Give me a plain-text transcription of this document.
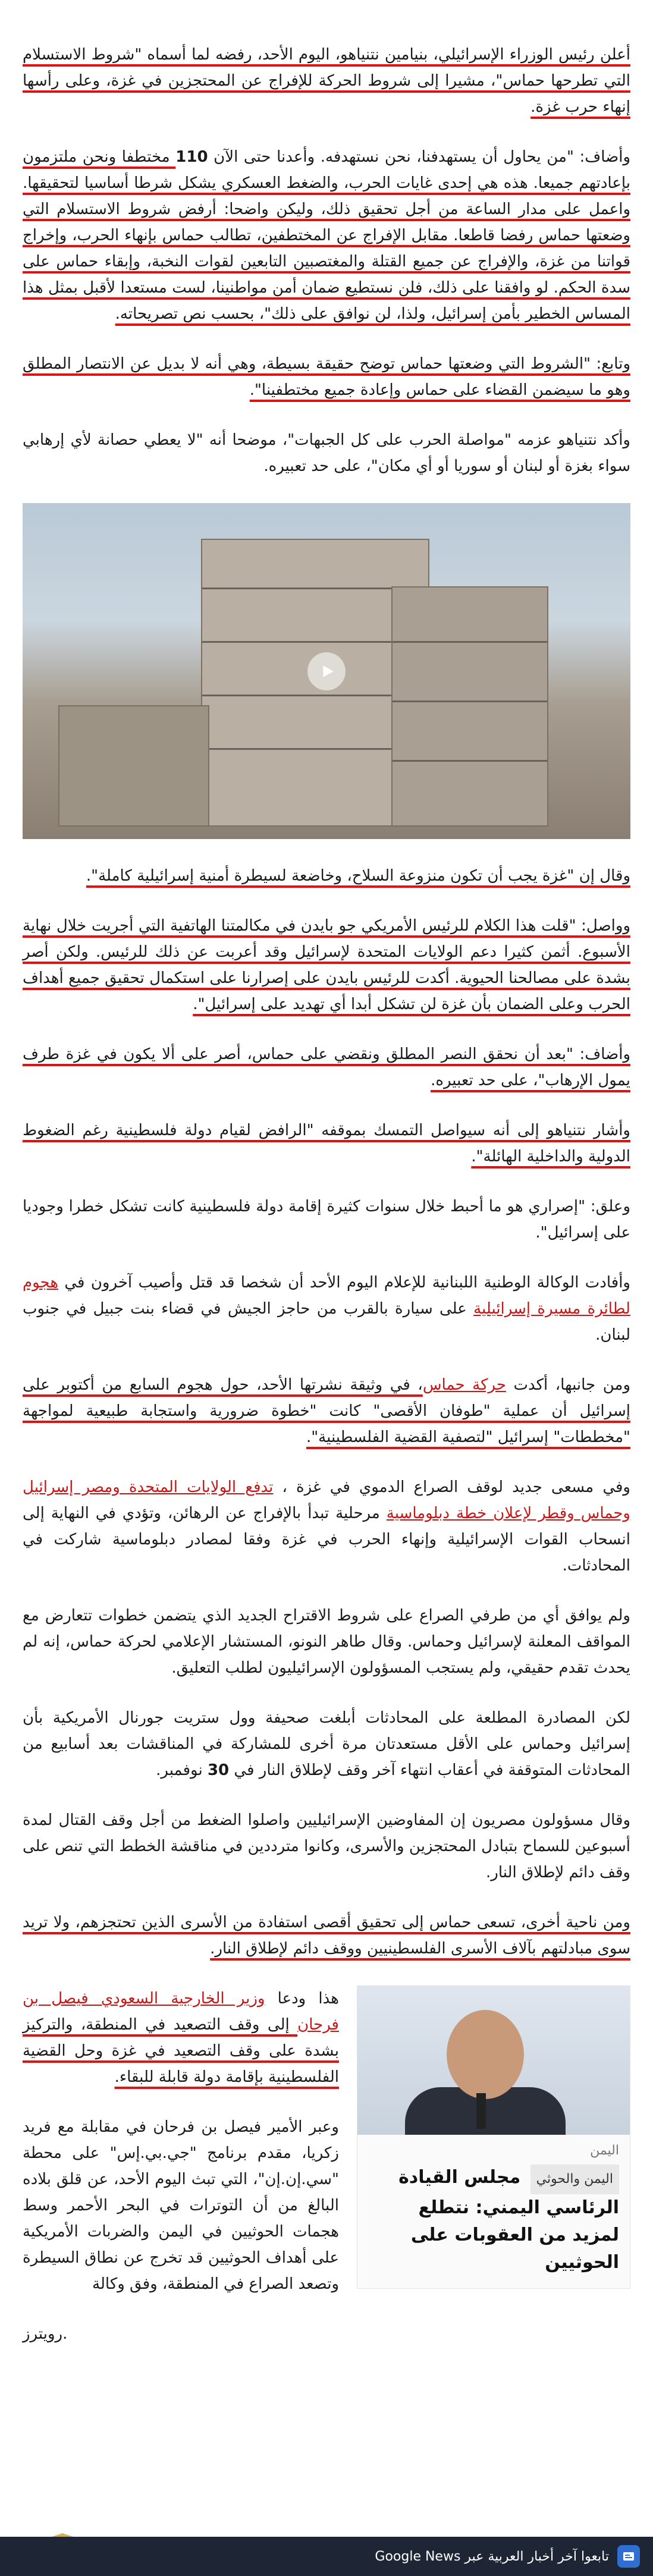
أعلن رئيس الوزراء الإسرائيلي، بنيامين نتنياهو، اليوم الأحد، رفضه لما أسماه "شروط الاستسلام التي تطرحها حماس"، مشيرا إلى شروط الحركة للإفراج عن المحتجزين في غزة، وعلى رأسها إنهاء حرب غزة.

وأضاف: "من يحاول أن يستهدفنا، نحن نستهدفه. وأعدنا حتى الآن 110 مختطفا ونحن ملتزمون بإعادتهم جميعا. هذه هي إحدى غايات الحرب، والضغط العسكري يشكل شرطا أساسيا لتحقيقها. واعمل على مدار الساعة من أجل تحقيق ذلك، وليكن واضحا: أرفض شروط الاستسلام التي وضعتها حماس رفضا قاطعا. مقابل الإفراج عن المختطفين، تطالب حماس بإنهاء الحرب، وإخراج قواتنا من غزة، والإفراج عن جميع القتلة والمغتصبين التابعين لقوات النخبة، وإبقاء حماس على سدة الحكم. لو وافقنا على ذلك، فلن نستطيع ضمان أمن مواطنينا، لست مستعدا لأقبل بمثل هذا المساس الخطير بأمن إسرائيل، ولذا، لن نوافق على ذلك"، بحسب نص تصريحاته.

وتابع: "الشروط التي وضعتها حماس توضح حقيقة بسيطة، وهي أنه لا بديل عن الانتصار المطلق وهو ما سيضمن القضاء على حماس وإعادة جميع مختطفينا".

وأكد نتنياهو عزمه "مواصلة الحرب على كل الجبهات"، موضحا أنه "لا يعطي حصانة لأي إرهابي سواء بغزة أو لبنان أو سوريا أو أي مكان"، على حد تعبيره.

وقال إن "غزة يجب أن تكون منزوعة السلاح، وخاضعة لسيطرة أمنية إسرائيلية كاملة".

وواصل: "قلت هذا الكلام للرئيس الأمريكي جو بايدن في مكالمتنا الهاتفية التي أجريت خلال نهاية الأسبوع. أثمن كثيرا دعم الولايات المتحدة لإسرائيل وقد أعربت عن ذلك للرئيس. ولكن أصر بشدة على مصالحنا الحيوية. أكدت للرئيس بايدن على إصرارنا على استكمال تحقيق جميع أهداف الحرب وعلى الضمان بأن غزة لن تشكل أبدا أي تهديد على إسرائيل".

وأضاف: "بعد أن نحقق النصر المطلق ونقضي على حماس، أصر على ألا يكون في غزة طرف يمول الإرهاب"، على حد تعبيره.

وأشار نتنياهو إلى أنه سيواصل التمسك بموقفه "الرافض لقيام دولة فلسطينية رغم الضغوط الدولية والداخلية الهائلة".

وعلق: "إصراري هو ما أحبط خلال سنوات كثيرة إقامة دولة فلسطينية كانت تشكل خطرا وجوديا على إسرائيل".

وأفادت الوكالة الوطنية اللبنانية للإعلام اليوم الأحد أن شخصا قد قتل وأصيب آخرون في هجوم لطائرة مسيرة إسرائيلية على سيارة بالقرب من حاجز الجيش في قضاء بنت جبيل في جنوب لبنان.

ومن جانبها، أكدت حركة حماس، في وثيقة نشرتها الأحد، حول هجوم السابع من أكتوبر على إسرائيل أن عملية "طوفان الأقصى" كانت "خطوة ضرورية واستجابة طبيعية لمواجهة "مخططات" إسرائيل "لتصفية القضية الفلسطينية".

وفي مسعى جديد لوقف الصراع الدموي في غزة ، تدفع الولايات المتحدة ومصر إسرائيل وحماس وقطر لإعلان خطة دبلوماسية مرحلية تبدأ بالإفراج عن الرهائن، وتؤدي في النهاية إلى انسحاب القوات الإسرائيلية وإنهاء الحرب في غزة وفقا لمصادر دبلوماسية شاركت في المحادثات.

ولم يوافق أي من طرفي الصراع على شروط الاقتراح الجديد الذي يتضمن خطوات تتعارض مع المواقف المعلنة لإسرائيل وحماس. وقال طاهر النونو، المستشار الإعلامي لحركة حماس، إنه لم يحدث تقدم حقيقي، ولم يستجب المسؤولون الإسرائيليون لطلب التعليق.

لكن المصادرة المطلعة على المحادثات أبلغت صحيفة وول ستريت جورنال الأمريكية بأن إسرائيل وحماس على الأقل مستعدتان مرة أخرى للمشاركة في المناقشات بعد أسابيع من المحادثات المتوقفة في أعقاب انتهاء آخر وقف لإطلاق النار في 30 نوفمبر.

وقال مسؤولون مصريون إن المفاوضين الإسرائيليين واصلوا الضغط من أجل وقف القتال لمدة أسبوعين للسماح بتبادل المحتجزين والأسرى، وكانوا مترددين في مناقشة الخطط التي تنص على وقف دائم لإطلاق النار.

ومن ناحية أخرى، تسعى حماس إلى تحقيق أقصى استفادة من الأسرى الذين تحتجزهم، ولا تريد سوى مبادلتهم بآلاف الأسرى الفلسطينيين ووقف دائم لإطلاق النار.

اليمن
اليمن والحوثي مجلس القيادة الرئاسي اليمني: نتطلع لمزيد من العقوبات على الحوثيين

هذا ودعا وزير الخارجية السعودي فيصل بن فرحان إلى وقف التصعيد في المنطقة، والتركيز بشدة على وقف التصعيد في غزة وحل القضية الفلسطينية بإقامة دولة قابلة للبقاء.

وعبر الأمير فيصل بن فرحان في مقابلة مع فريد زكريا، مقدم برنامج "جي.بي.إس" على محطة "سي.إن.إن"، التي تبث اليوم الأحد، عن قلق بلاده البالغ من أن التوترات في البحر الأحمر وسط هجمات الحوثيين في اليمن والضربات الأمريكية على أهداف الحوثيين قد تخرج عن نطاق السيطرة وتصعد الصراع في المنطقة، وفق وكالة

رويترز.

تابعوا آخر أخبار العربية عبر Google News
